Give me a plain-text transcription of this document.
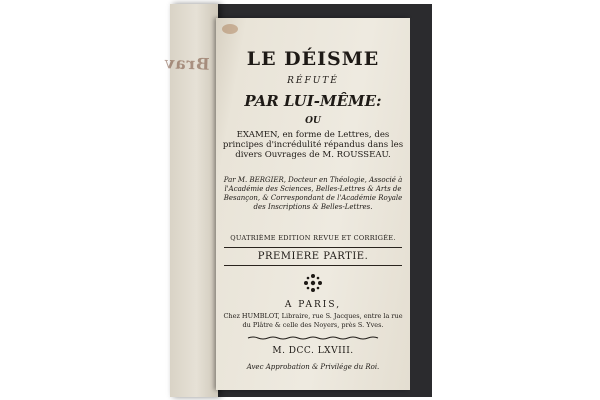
Brav	LE DÉISME
RÉFUTÉ
PAR LUI-MÊME:
OU
EXAMEN, en forme de Lettres, des principes d'incrédulité répandus dans les divers Ouvrages de M. ROUSSEAU.
Par M. BERGIER, Docteur en Théologie, Associé à l'Académie des Sciences, Belles-Lettres & Arts de Besançon, & Correspondant de l'Académie Royale des Inscriptions & Belles-Lettres.
QUATRIÈME EDITION REVUE ET CORRIGÉE.
PREMIERE PARTIE.
A PARIS,
Chez HUMBLOT, Libraire, rue S. Jacques, entre la rue du Plâtre & celle des Noyers, près S. Yves.
M. DCC. LXVIII.
Avec Approbation & Privilége du Roi.
